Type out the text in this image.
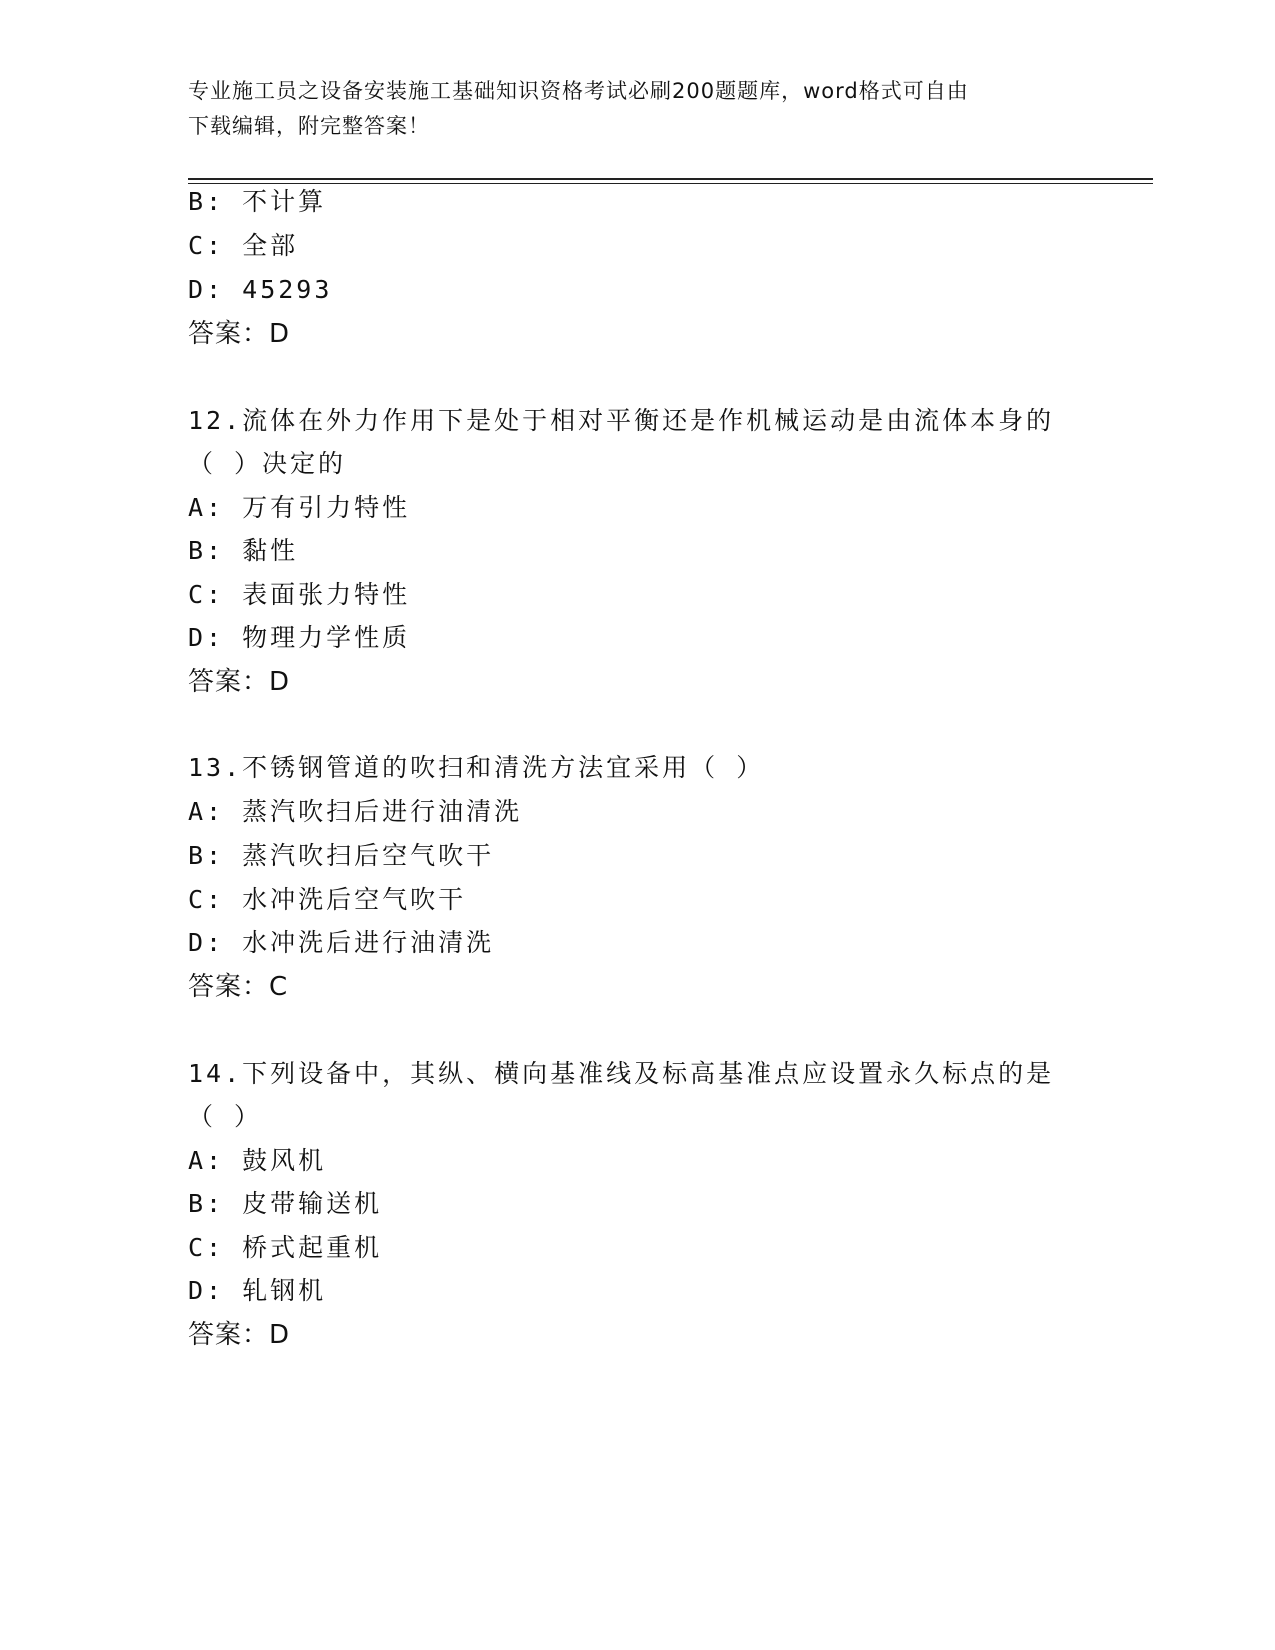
专业施工员之设备安装施工基础知识资格考试必刷200题题库，word格式可自由
下载编辑，附完整答案！
B: 不计算
C: 全部
D: 45293
答案：D
12.流体在外力作用下是处于相对平衡还是作机械运动是由流体本身的
（ ）决定的
A: 万有引力特性
B: 黏性
C: 表面张力特性
D: 物理力学性质
答案：D
13.不锈钢管道的吹扫和清洗方法宜采用（ ）
A: 蒸汽吹扫后进行油清洗
B: 蒸汽吹扫后空气吹干
C: 水冲洗后空气吹干
D: 水冲洗后进行油清洗
答案：C
14.下列设备中，其纵、横向基准线及标高基准点应设置永久标点的是
（ ）
A: 鼓风机
B: 皮带输送机
C: 桥式起重机
D: 轧钢机
答案：D
